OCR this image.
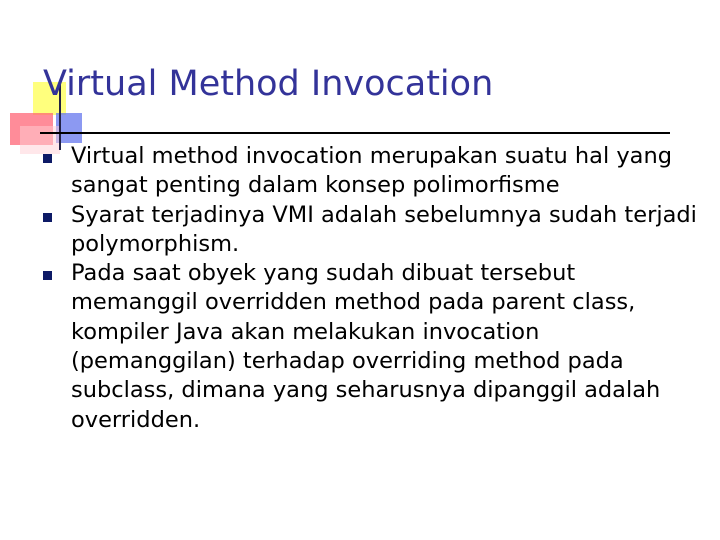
Virtual Method Invocation
Virtual method invocation merupakan suatu hal yang sangat penting dalam konsep polimorfisme
Syarat terjadinya VMI adalah sebelumnya sudah terjadi polymorphism.
Pada saat obyek yang sudah dibuat tersebut memanggil overridden method pada parent class, kompiler Java akan melakukan invocation (pemanggilan) terhadap overriding method pada subclass, dimana yang seharusnya dipanggil adalah overridden.
